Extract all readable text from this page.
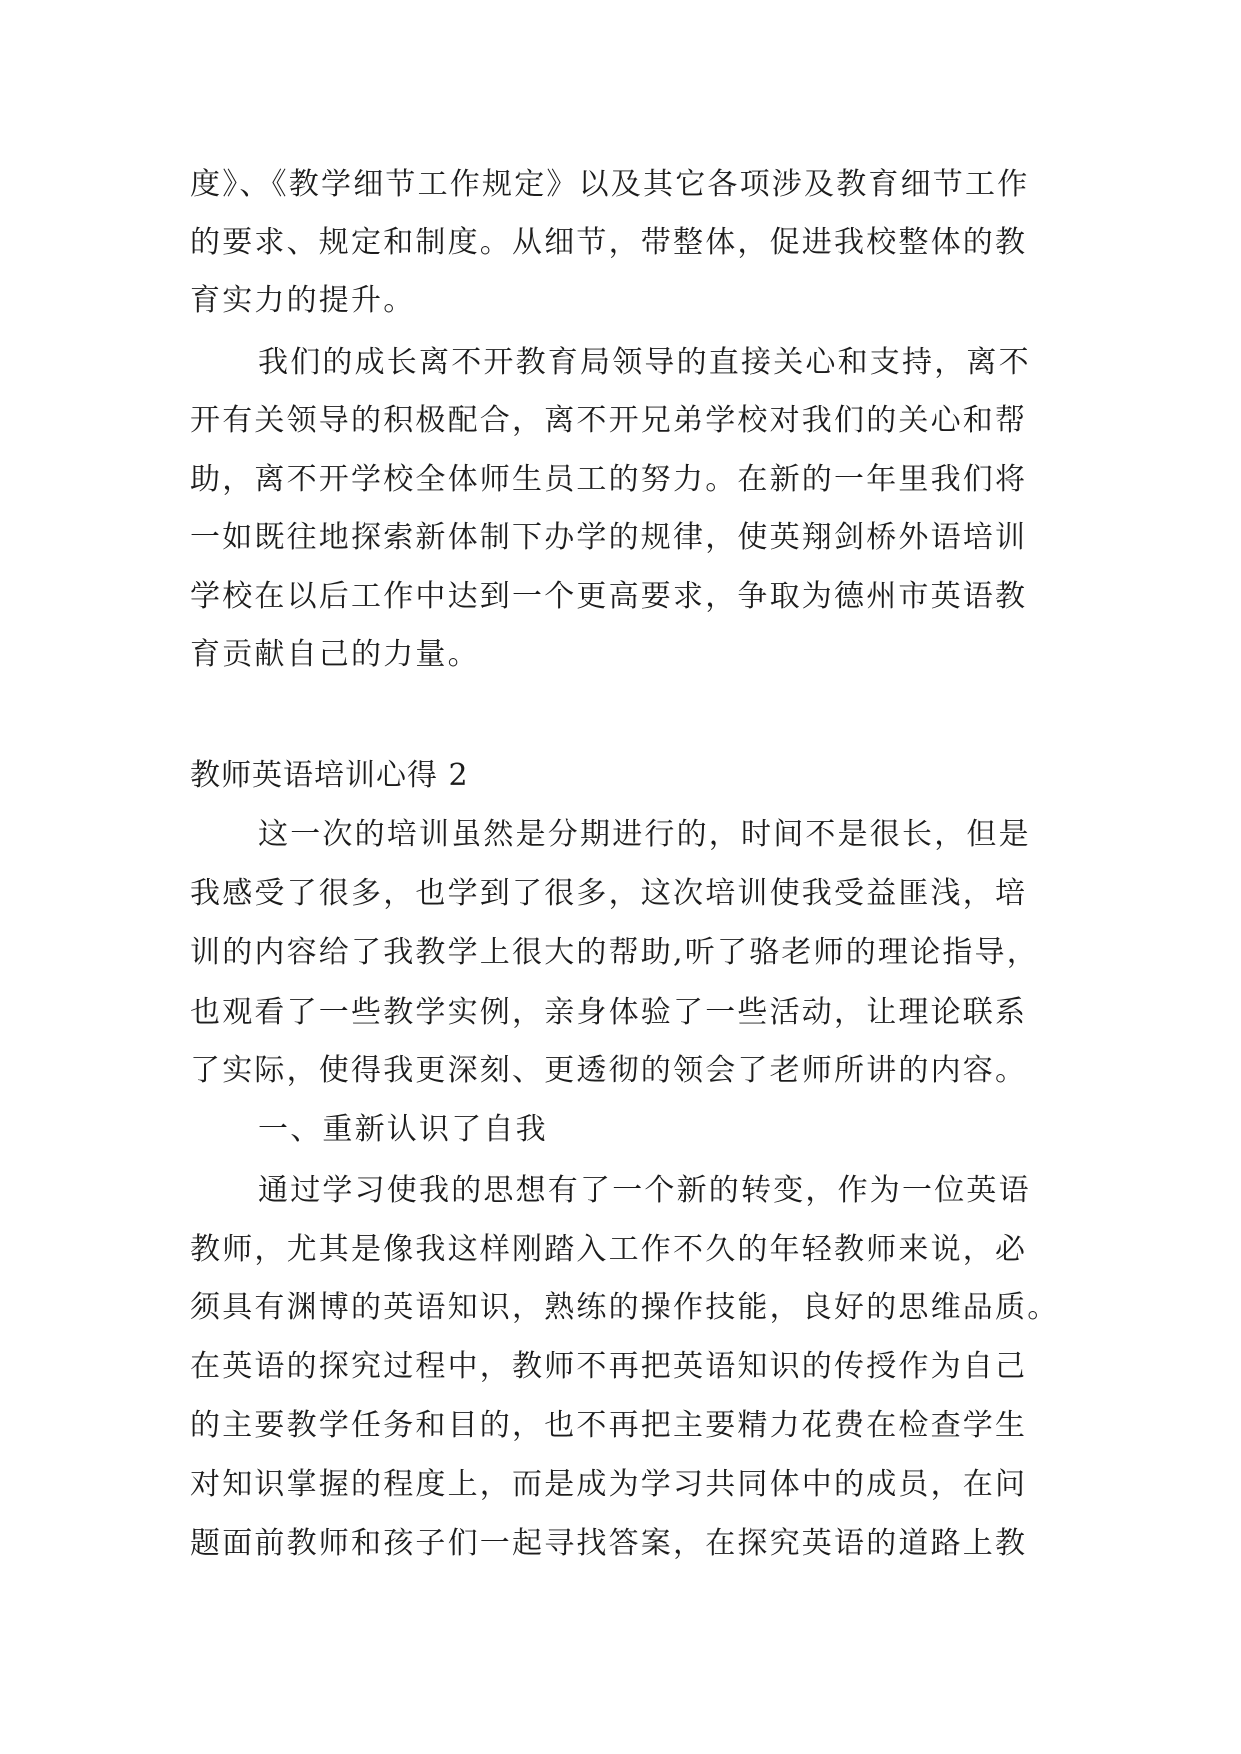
度》、《教学细节工作规定》以及其它各项涉及教育细节工作
的要求、规定和制度。从细节，带整体，促进我校整体的教
育实力的提升。
我们的成长离不开教育局领导的直接关心和支持，离不
开有关领导的积极配合，离不开兄弟学校对我们的关心和帮
助，离不开学校全体师生员工的努力。在新的一年里我们将
一如既往地探索新体制下办学的规律，使英翔剑桥外语培训
学校在以后工作中达到一个更高要求，争取为德州市英语教
育贡献自己的力量。
教师英语培训心得 2
这一次的培训虽然是分期进行的，时间不是很长，但是
我感受了很多，也学到了很多，这次培训使我受益匪浅，培
训的内容给了我教学上很大的帮助,听了骆老师的理论指导，
也观看了一些教学实例，亲身体验了一些活动，让理论联系
了实际，使得我更深刻、更透彻的领会了老师所讲的内容。
一、重新认识了自我
通过学习使我的思想有了一个新的转变，作为一位英语
教师，尤其是像我这样刚踏入工作不久的年轻教师来说，必
须具有渊博的英语知识，熟练的操作技能，良好的思维品质。
在英语的探究过程中，教师不再把英语知识的传授作为自己
的主要教学任务和目的，也不再把主要精力花费在检查学生
对知识掌握的程度上，而是成为学习共同体中的成员，在问
题面前教师和孩子们一起寻找答案，在探究英语的道路上教
